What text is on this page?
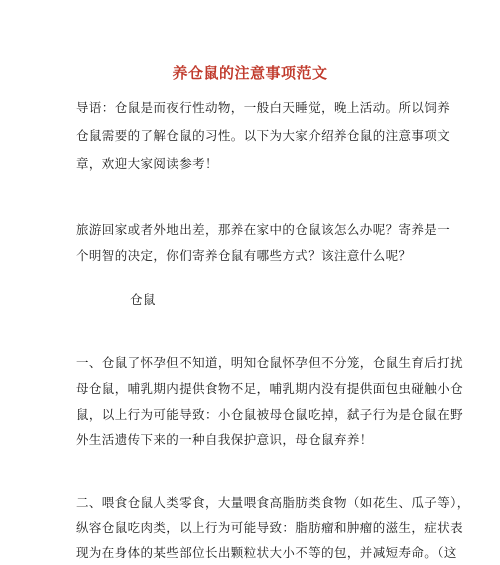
养仓鼠的注意事项范文
导语：仓鼠是而夜行性动物，一般白天睡觉，晚上活动。所以饲养
仓鼠需要的了解仓鼠的习性。以下为大家介绍养仓鼠的注意事项文
章，欢迎大家阅读参考！
旅游回家或者外地出差，那养在家中的仓鼠该怎么办呢？寄养是一
个明智的决定，你们寄养仓鼠有哪些方式？该注意什么呢？
仓鼠
一、仓鼠了怀孕但不知道，明知仓鼠怀孕但不分笼，仓鼠生育后打扰
母仓鼠，哺乳期内提供食物不足，哺乳期内没有提供面包虫碰触小仓
鼠，以上行为可能导致：小仓鼠被母仓鼠吃掉，弑子行为是仓鼠在野
外生活遗传下来的一种自我保护意识，母仓鼠弃养！
二、喂食仓鼠人类零食，大量喂食高脂肪类食物（如花生、瓜子等），
纵容仓鼠吃肉类，以上行为可能导致：脂肪瘤和肿瘤的滋生，症状表
现为在身体的某些部位长出颗粒状大小不等的包，并减短寿命。（这
